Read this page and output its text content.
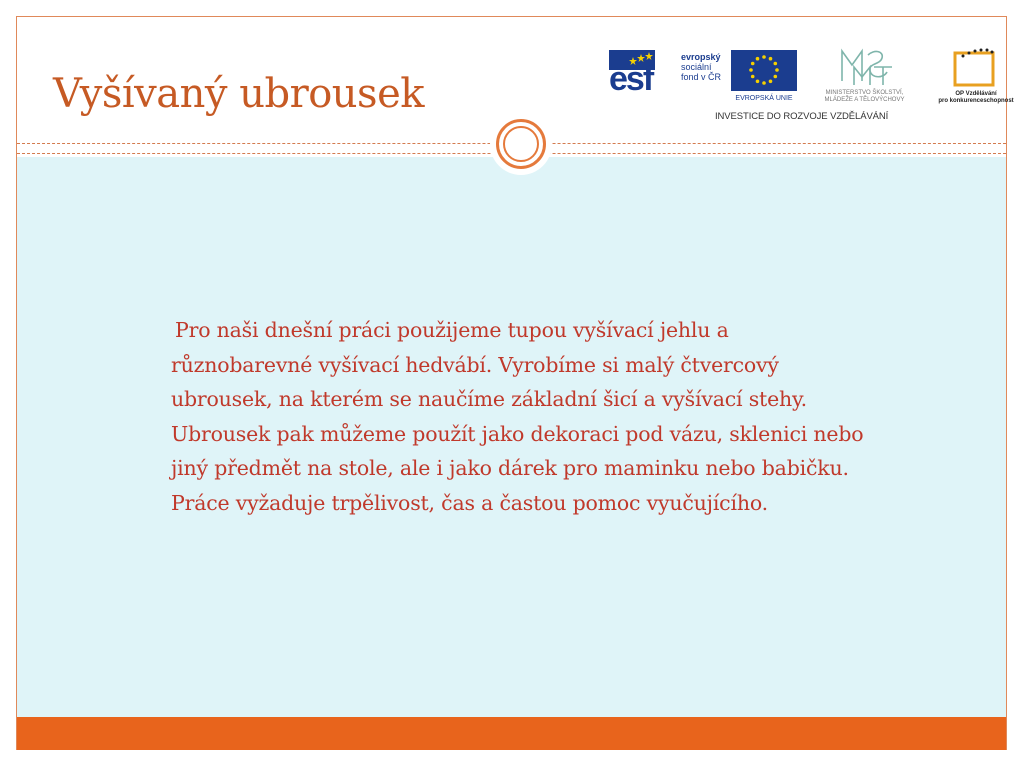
Vyšívaný ubrousek

Pro naši dnešní práci použijeme tupou vyšívací jehlu a různobarevné vyšívací hedvábí. Vyrobíme si malý čtvercový ubrousek, na kterém se naučíme základní šicí a vyšívací stehy. Ubrousek pak můžeme použít jako dekoraci pod vázu, sklenici nebo jiný předmět na stole, ale i jako dárek pro maminku nebo babičku. Práce vyžaduje trpělivost, čas a častou pomoc vyučujícího.

esf
evropský
sociální
fond v ČR
EVROPSKÁ UNIE
MŠMT
MINISTERSTVO ŠKOLSTVÍ,
MLÁDEŽE A TĚLOVÝCHOVY
OP Vzdělávání
pro konkurenceschopnost
INVESTICE DO ROZVOJE VZDĚLÁVÁNÍ
